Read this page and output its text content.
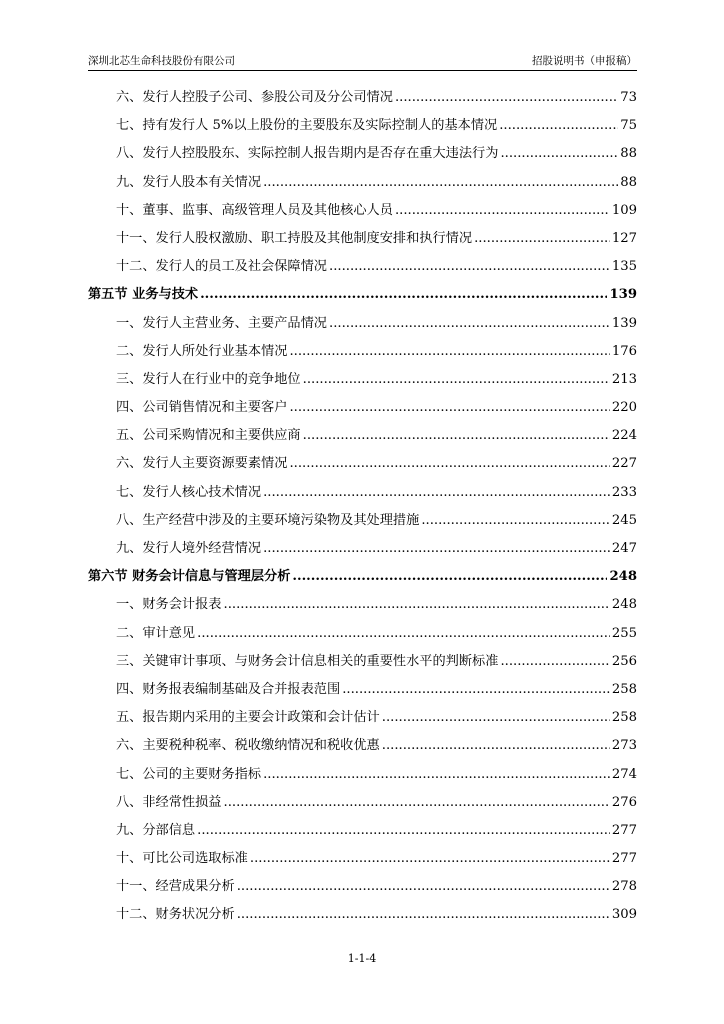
深圳北芯生命科技股份有限公司	招股说明书（申报稿）
六、发行人控股子公司、参股公司及分公司情况 .....	73
七、持有发行人 5%以上股份的主要股东及实际控制人的基本情况 .....	75
八、发行人控股股东、实际控制人报告期内是否存在重大违法行为 .....	88
九、发行人股本有关情况 .....	88
十、董事、监事、高级管理人员及其他核心人员 .....	109
十一、发行人股权激励、职工持股及其他制度安排和执行情况 .....	127
十二、发行人的员工及社会保障情况 .....	135
第五节 业务与技术 .....	139
一、发行人主营业务、主要产品情况 .....	139
二、发行人所处行业基本情况 .....	176
三、发行人在行业中的竞争地位 .....	213
四、公司销售情况和主要客户 .....	220
五、公司采购情况和主要供应商 .....	224
六、发行人主要资源要素情况 .....	227
七、发行人核心技术情况 .....	233
八、生产经营中涉及的主要环境污染物及其处理措施 .....	245
九、发行人境外经营情况 .....	247
第六节 财务会计信息与管理层分析 .....	248
一、财务会计报表 .....	248
二、审计意见 .....	255
三、关键审计事项、与财务会计信息相关的重要性水平的判断标准 .....	256
四、财务报表编制基础及合并报表范围 .....	258
五、报告期内采用的主要会计政策和会计估计 .....	258
六、主要税种税率、税收缴纳情况和税收优惠 .....	273
七、公司的主要财务指标 .....	274
八、非经常性损益 .....	276
九、分部信息 .....	277
十、可比公司选取标准 .....	277
十一、经营成果分析 .....	278
十二、财务状况分析 .....	309
1-1-4
